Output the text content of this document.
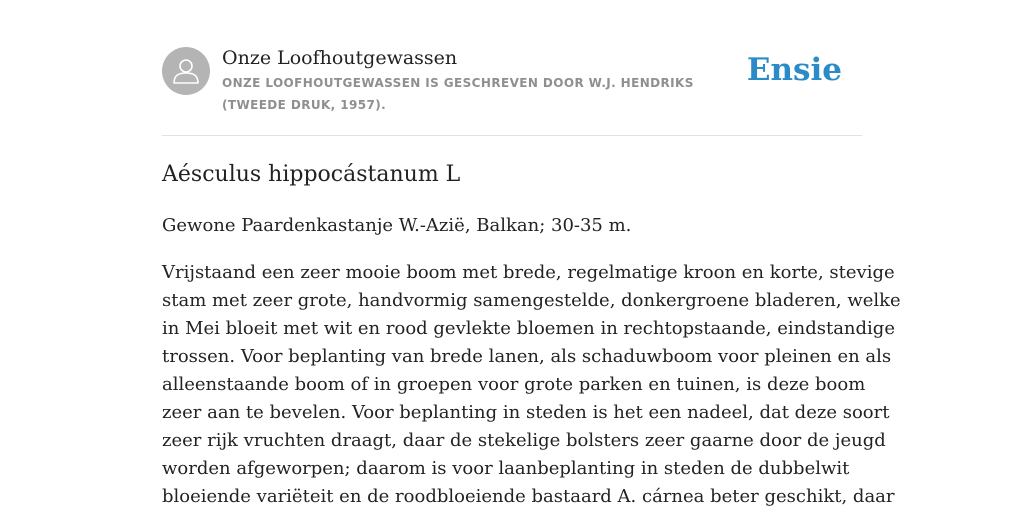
Onze Loofhoutgewassen
ONZE LOOFHOUTGEWASSEN IS GESCHREVEN DOOR W.J. HENDRIKS (TWEEDE DRUK, 1957).
Ensie
Aésculus hippocástanum L

Gewone Paardenkastanje W.-Azië, Balkan; 30-35 m.

Vrijstaand een zeer mooie boom met brede, regelmatige kroon en korte, stevige
stam met zeer grote, handvormig samengestelde, donkergroene bladeren, welke
in Mei bloeit met wit en rood gevlekte bloemen in rechtopstaande, eindstandige
trossen. Voor beplanting van brede lanen, als schaduwboom voor pleinen en als
alleenstaande boom of in groepen voor grote parken en tuinen, is deze boom
zeer aan te bevelen. Voor beplanting in steden is het een nadeel, dat deze soort
zeer rijk vruchten draagt, daar de stekelige bolsters zeer gaarne door de jeugd
worden afgeworpen; daarom is voor laanbeplanting in steden de dubbelwit
bloeiende variëteit en de roodbloeiende bastaard A. cárnea beter geschikt, daar
